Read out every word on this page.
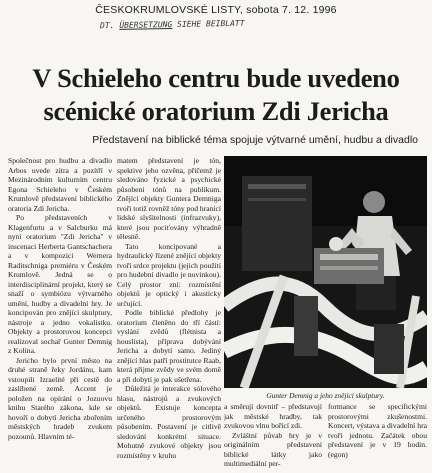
ČESKOKRUMLOVSKÉ LISTY, sobota 7. 12. 1996
DT. ÜBERSETZUNG SIEHE BEIBLATT
V Schieleho centru bude uvedeno
scénické oratorium Zdi Jericha
Představení na biblické téma spojuje výtvarné umění, hudbu a divadlo

Společnost pro hudbu a divadlo Arbos uvede zítra a pozítří v Mezinárodním kulturním centru Egona Schieleho v Českém Krumlově představení biblického oratoria Zdi Jericha.

Po představeních v Klagenfurtu a v Salcburku má nyní oratorium "Zdi Jericha" v inscenaci Herberta Gantschachera a v kompozici Wernera Raditschniga premiéru v Českém Krumlově. Jedná se o interdisciplinární projekt, který se snaží o symbiózu výtvarného umění, hudby a divadelní hry. Je koncipován pro znějící skulptury, nástroje a jedno vokalistku. Objekty a prostorovou koncepci realizoval sochař Gunter Demnig z Kolína.

Jericho bylo první město na druhé straně řeky Jordánu, kam vstoupili Izraelité při cestě do zaslíbené země. Accent je položen na opírání o Jozuovu knihu Starého zákona, kde se hovoří o dobytí Jericha zbořením městských hradeb zvukem pozounů. Hlavním té-

matem představení je tón, spektive jeho ozvěna, přičemž je sledováno fyzické a psychické působení tónů na publikum. Znějící objekty Guntera Demniga tvoří totiž rovněž tóny pod hranicí lidské slyšitelnosti (infrazvuky), které jsou pociťovány výhradně tělesně.

Tato koncipované a hydraulický řízené znějící objekty tvoří srdce projektu (jejich použití pro hudební divadlo je novinkou). Celý prostor zní: rozmístění objektů je optický i akusticky určující.

Podle biblické předlohy je oratorium členěno do tří částí: vyslání zvědů (flétnista a houslista), příprava dobývání Jericha a dobytí samo. Jediný znějící hlas patří prostitutce Raab, která přijme zvědy ve svém domě a při dobytí je pak ušetřena.

Důležitá je interakce sólového hlasu, nástrojů a zvukových objektů. Existuje koncepta určeného prostorovým působením. Postavení je citlivě sledování konkrétní situace. Mohutně zvukové objekty jsou rozmístěny v kruhu

Gunter Demnig a jeho znějící skulptury.

a směrují dovnitř – představují jak městské hradby, tak zvukovou vlnu bořící zdi.

Zvláštní půvab hry je v originálním představení biblické látky jako multimediální per-

formance se specifickými prostorovými zkušenostmi. Koncert, výstava a divadelní hra tvoří jednotu. Začátek obou představení je v 19 hodin. (egon)
